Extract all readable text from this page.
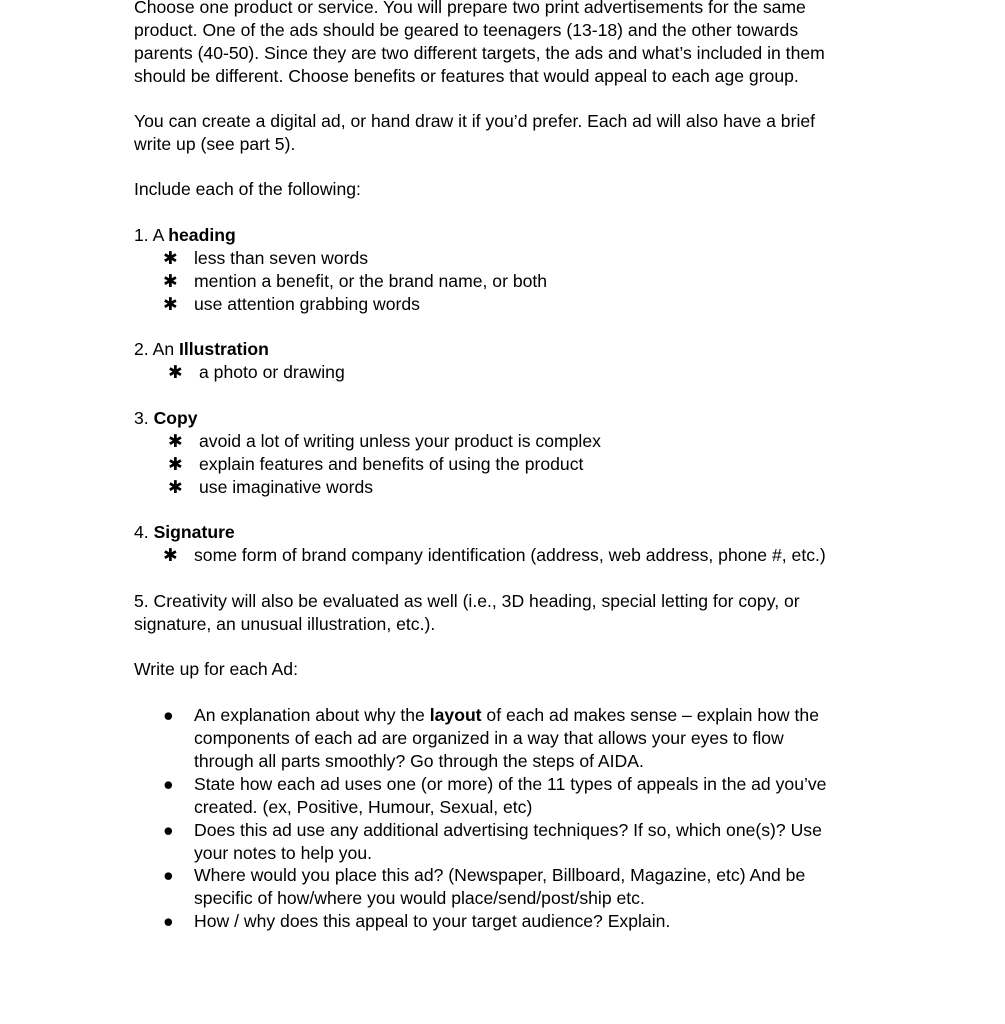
Choose one product or service. You will prepare two print advertisements for the same
product. One of the ads should be geared to teenagers (13-18) and the other towards
parents (40-50). Since they are two different targets, the ads and what’s included in them
should be different. Choose benefits or features that would appeal to each age group.

You can create a digital ad, or hand draw it if you’d prefer. Each ad will also have a brief
write up (see part 5).

Include each of the following:

1. A heading

✱ less than seven words
✱ mention a benefit, or the brand name, or both
✱ use attention grabbing words

2. An Illustration

✱ a photo or drawing

3. Copy

✱ avoid a lot of writing unless your product is complex
✱ explain features and benefits of using the product
✱ use imaginative words

4. Signature

✱ some form of brand company identification (address, web address, phone #, etc.)

5. Creativity will also be evaluated as well (i.e., 3D heading, special letting for copy, or
signature, an unusual illustration, etc.).

Write up for each Ad:

●	An explanation about why the layout of each ad makes sense – explain how the
components of each ad are organized in a way that allows your eyes to flow
through all parts smoothly? Go through the steps of AIDA.
●	State how each ad uses one (or more) of the 11 types of appeals in the ad you’ve
created. (ex, Positive, Humour, Sexual, etc)
●	Does this ad use any additional advertising techniques? If so, which one(s)? Use
your notes to help you.
●	Where would you place this ad? (Newspaper, Billboard, Magazine, etc) And be
specific of how/where you would place/send/post/ship etc.
●	How / why does this appeal to your target audience? Explain.
